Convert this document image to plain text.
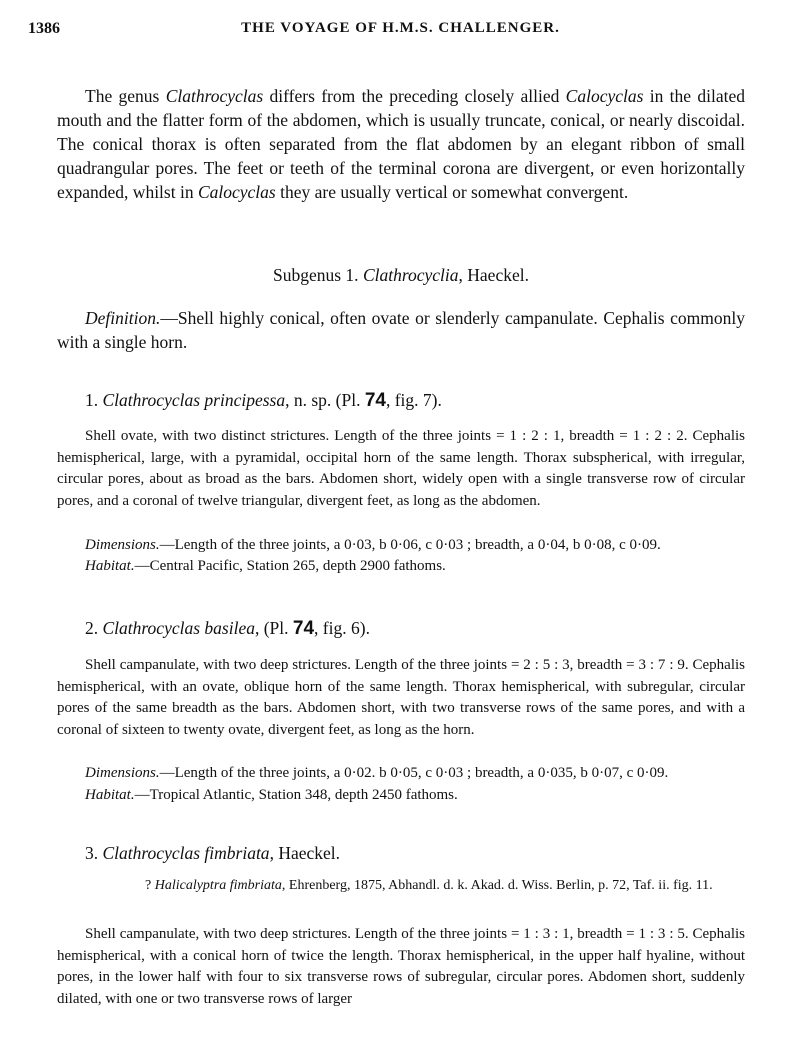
1386	THE VOYAGE OF H.M.S. CHALLENGER.
The genus Clathrocyclas differs from the preceding closely allied Calocyclas in the dilated mouth and the flatter form of the abdomen, which is usually truncate, conical, or nearly discoidal. The conical thorax is often separated from the flat abdomen by an elegant ribbon of small quadrangular pores. The feet or teeth of the terminal corona are divergent, or even horizontally expanded, whilst in Calocyclas they are usually vertical or somewhat convergent.
Subgenus 1. Clathrocyclia, Haeckel.
Definition.—Shell highly conical, often ovate or slenderly campanulate. Cephalis commonly with a single horn.
1. Clathrocyclas principessa, n. sp. (Pl. 74, fig. 7).
Shell ovate, with two distinct strictures. Length of the three joints = 1 : 2 : 1, breadth = 1 : 2 : 2. Cephalis hemispherical, large, with a pyramidal, occipital horn of the same length. Thorax subspherical, with irregular, circular pores, about as broad as the bars. Abdomen short, widely open with a single transverse row of circular pores, and a coronal of twelve triangular, divergent feet, as long as the abdomen.
Dimensions.—Length of the three joints, a 0·03, b 0·06, c 0·03 ; breadth, a 0·04, b 0·08, c 0·09.
Habitat.—Central Pacific, Station 265, depth 2900 fathoms.
2. Clathrocyclas basilea, (Pl. 74, fig. 6).
Shell campanulate, with two deep strictures. Length of the three joints = 2 : 5 : 3, breadth = 3 : 7 : 9. Cephalis hemispherical, with an ovate, oblique horn of the same length. Thorax hemispherical, with subregular, circular pores of the same breadth as the bars. Abdomen short, with two transverse rows of the same pores, and with a coronal of sixteen to twenty ovate, divergent feet, as long as the horn.
Dimensions.—Length of the three joints, a 0·02. b 0·05, c 0·03 ; breadth, a 0·035, b 0·07, c 0·09.
Habitat.—Tropical Atlantic, Station 348, depth 2450 fathoms.
3. Clathrocyclas fimbriata, Haeckel.
? Halicalyptra fimbriata, Ehrenberg, 1875, Abhandl. d. k. Akad. d. Wiss. Berlin, p. 72, Taf. ii. fig. 11.
Shell campanulate, with two deep strictures. Length of the three joints = 1 : 3 : 1, breadth = 1 : 3 : 5. Cephalis hemispherical, with a conical horn of twice the length. Thorax hemispherical, in the upper half hyaline, without pores, in the lower half with four to six transverse rows of subregular, circular pores. Abdomen short, suddenly dilated, with one or two transverse rows of larger
